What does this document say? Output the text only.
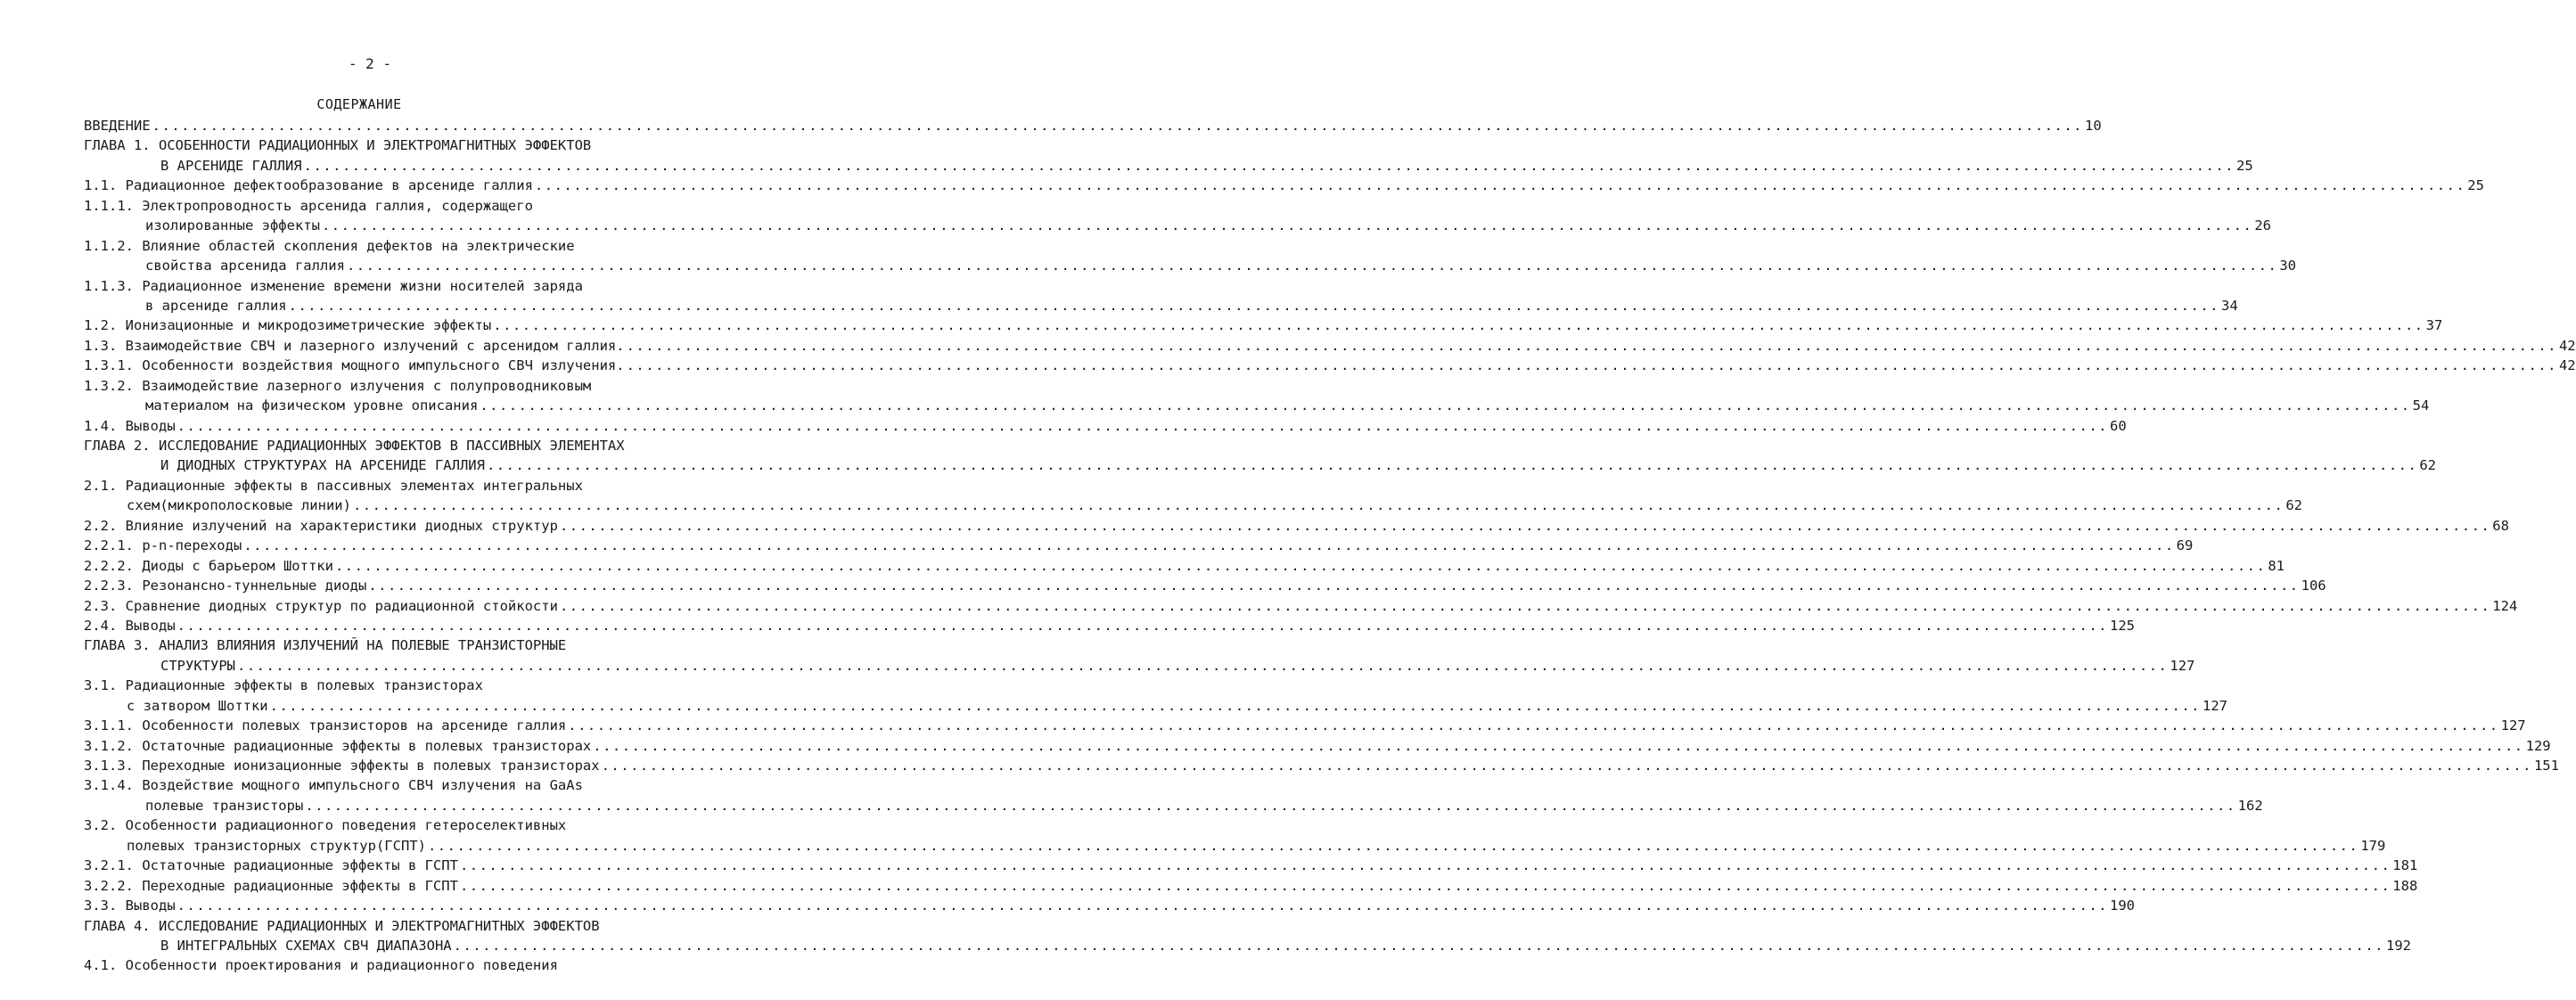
- 2 -
СОДЕРЖАНИЕ
ВВЕДЕНИЕ ........................................................................................................................................................................................................ 10
ГЛАВА 1. ОСОБЕННОСТИ РАДИАЦИОННЫХ И ЭЛЕКТРОМАГНИТНЫХ ЭФФЕКТОВ
В АРСЕНИДЕ ГАЛЛИЯ ........................................................................................................................................................................................................ 25
1.1. Радиационное дефектообразование в арсениде галлия ........................................................................................................................................................................................................ 25
1.1.1. Электропроводность арсенида галлия, содержащего
изолированные эффекты ........................................................................................................................................................................................................ 26
1.1.2. Влияние областей скопления дефектов на электрические
свойства арсенида галлия ........................................................................................................................................................................................................ 30
1.1.3. Радиационное изменение времени жизни носителей заряда
в арсениде галлия ........................................................................................................................................................................................................ 34
1.2. Ионизационные и микродозиметрические эффекты ........................................................................................................................................................................................................ 37
1.3. Взаимодействие СВЧ и лазерного излучений с арсенидом галлия. ........................................................................................................................................................................................................ 42
1.3.1. Особенности воздействия мощного импульсного СВЧ излучения. ........................................................................................................................................................................................................ 42
1.3.2. Взаимодействие лазерного излучения с полупроводниковым
материалом на физическом уровне описания ........................................................................................................................................................................................................ 54
1.4. Выводы ........................................................................................................................................................................................................ 60
ГЛАВА 2. ИССЛЕДОВАНИЕ РАДИАЦИОННЫХ ЭФФЕКТОВ В ПАССИВНЫХ ЭЛЕМЕНТАХ
И ДИОДНЫХ СТРУКТУРАХ НА АРСЕНИДЕ ГАЛЛИЯ ........................................................................................................................................................................................................ 62
2.1. Радиационные эффекты в пассивных элементах интегральных
схем(микрополосковые линии) ........................................................................................................................................................................................................ 62
2.2. Влияние излучений на характеристики диодных структур ........................................................................................................................................................................................................ 68
2.2.1. p-n-переходы ........................................................................................................................................................................................................ 69
2.2.2. Диоды с барьером Шоттки ........................................................................................................................................................................................................ 81
2.2.3. Резонансно-туннельные диоды ........................................................................................................................................................................................................ 106
2.3. Сравнение диодных структур по радиационной стойкости ........................................................................................................................................................................................................ 124
2.4. Выводы ........................................................................................................................................................................................................ 125
ГЛАВА 3. АНАЛИЗ ВЛИЯНИЯ ИЗЛУЧЕНИЙ НА ПОЛЕВЫЕ ТРАНЗИСТОРНЫЕ
СТРУКТУРЫ ........................................................................................................................................................................................................ 127
3.1. Радиационные эффекты в полевых транзисторах
с затвором Шоттки ........................................................................................................................................................................................................ 127
3.1.1. Особенности полевых транзисторов на арсениде галлия ........................................................................................................................................................................................................ 127
3.1.2. Остаточные радиационные эффекты в полевых транзисторах ........................................................................................................................................................................................................ 129
3.1.3. Переходные ионизационные эффекты в полевых транзисторах ........................................................................................................................................................................................................ 151
3.1.4. Воздействие мощного импульсного СВЧ излучения на GaAs
полевые транзисторы ........................................................................................................................................................................................................ 162
3.2. Особенности радиационного поведения гетероселективных
полевых транзисторных структур(ГСПТ) ........................................................................................................................................................................................................ 179
3.2.1. Остаточные радиационные эффекты в ГСПТ ........................................................................................................................................................................................................ 181
3.2.2. Переходные радиационные эффекты в ГСПТ ........................................................................................................................................................................................................ 188
3.3. Выводы ........................................................................................................................................................................................................ 190
ГЛАВА 4. ИССЛЕДОВАНИЕ РАДИАЦИОННЫХ И ЭЛЕКТРОМАГНИТНЫХ ЭФФЕКТОВ
В ИНТЕГРАЛЬНЫХ СХЕМАХ СВЧ ДИАПАЗОНА ........................................................................................................................................................................................................ 192
4.1. Особенности проектирования и радиационного поведения
